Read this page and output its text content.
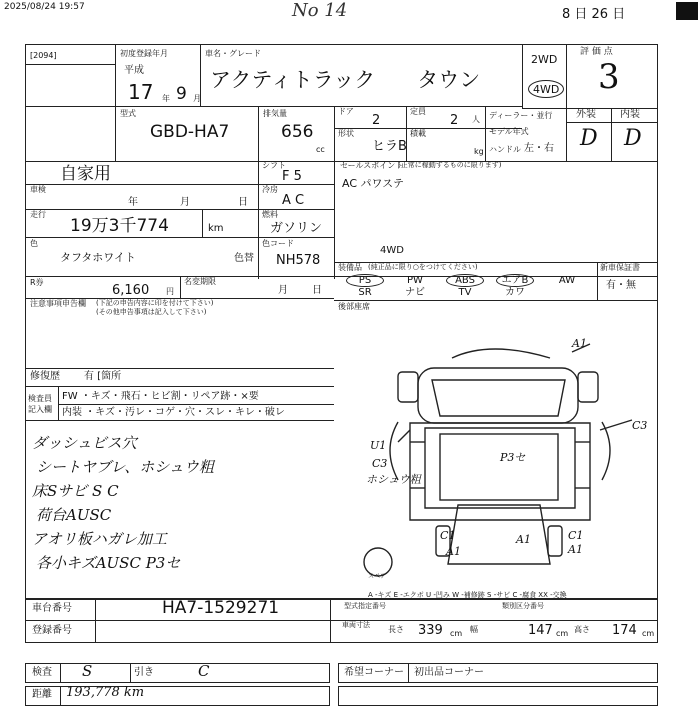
2025/08/24 19:57	No 14	8 日 26 日
[2094]	初度登録年月
平成
17 9
年	月
車名・グレード
アクティトラック　　タウン
2WD
4WD
評 価 点
3
型式
GBD-HA7
排気量
656
cc
ドア
2
定員
2 人
形状
ヒラB
積載
kg
ディーラー・並行
モデル年式
ハンドル 左・右
外装 内装
D D
自家用	シフト
F 5
車検
年	月	日
冷房
A C
走行
19万3千774	km
燃料
ガソリン
色
タフタホワイト	色替
色コード
NH578
R券
6,160 円
名変期限
月 日
注意事項申告欄 (下記の申告内容に印を付けて下さい)
(その他申告事項は記入して下さい)
修復歴 有 [箇所
セールスポイント
(正常に稼動するものに限ります)
AC パワステ
4WD
装備品 (純正品に限り○をつけてください)	新車保証書
有・無
PS	PW	ABS	エアB	AW
SR	ナビ	TV	カワ
後部座席
検査員記入欄
FW ・キズ・飛石・ヒビ割・リペア跡・×要
内装 ・キズ・汚レ・コゲ・穴・スレ・キレ・破レ
ダッシュビス穴
シートヤブレ、ホシュウ粗
床Sサビ S C
荷台AUSC
アオリ板ハガレ加工
各小キズAUSC P3セ
A1
C3
U1
C3
ホシュウ粗
P3セ
C1
A1
A1	C1
A1
スペア
A ‐キズ E ‐エクボ U ‐凹み W ‐補修跡 S ‐サビ C ‐腐食 XX ‐交換
車台番号	HA7-1529271
登録番号
型式指定番号	類別区分番号
車両寸法 長さ 339 cm 幅	147 cm 高さ 174 cm
検査 S	引き	C	希望コーナー 初出品コーナー
距離 193,778 km
